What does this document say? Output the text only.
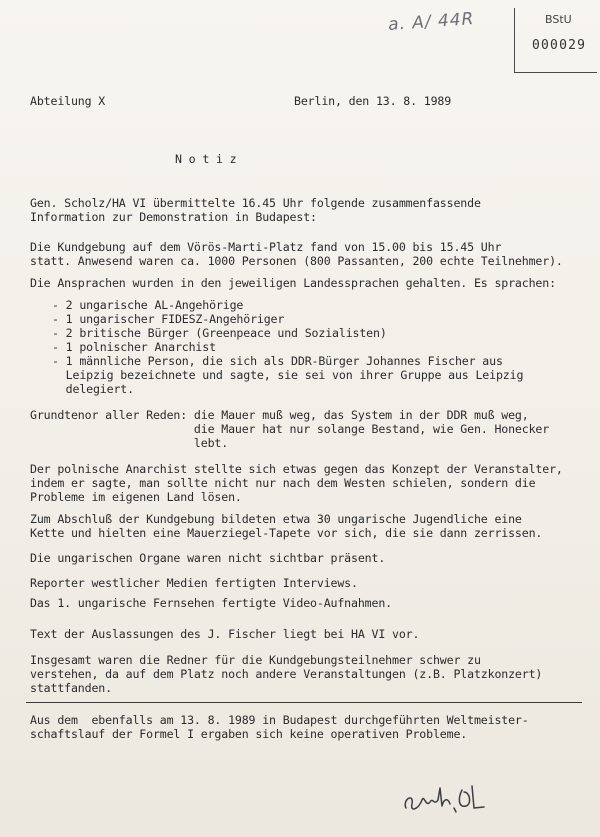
a. A/ 44R	BStU
000029
Abteilung X	Berlin, den 13. 8. 1989
N o t i z
Gen. Scholz/HA VI übermittelte 16.45 Uhr folgende zusammenfassende
Information zur Demonstration in Budapest:
Die Kundgebung auf dem Vörös-Marti-Platz fand von 15.00 bis 15.45 Uhr
statt. Anwesend waren ca. 1000 Personen (800 Passanten, 200 echte Teilnehmer).
Die Ansprachen wurden in den jeweiligen Landessprachen gehalten. Es sprachen:
- 2 ungarische AL-Angehörige
- 1 ungarischer FIDESZ-Angehöriger
- 2 britische Bürger (Greenpeace und Sozialisten)
- 1 polnischer Anarchist
- 1 männliche Person, die sich als DDR-Bürger Johannes Fischer aus
Leipzig bezeichnete und sagte, sie sei von ihrer Gruppe aus Leipzig
delegiert.
Grundtenor aller Reden: die Mauer muß weg, das System in der DDR muß weg,
die Mauer hat nur solange Bestand, wie Gen. Honecker
lebt.
Der polnische Anarchist stellte sich etwas gegen das Konzept der Veranstalter,
indem er sagte, man sollte nicht nur nach dem Westen schielen, sondern die
Probleme im eigenen Land lösen.
Zum Abschluß der Kundgebung bildeten etwa 30 ungarische Jugendliche eine
Kette und hielten eine Mauerziegel-Tapete vor sich, die sie dann zerrissen.
Die ungarischen Organe waren nicht sichtbar präsent.
Reporter westlicher Medien fertigten Interviews.
Das 1. ungarische Fernsehen fertigte Video-Aufnahmen.
Text der Auslassungen des J. Fischer liegt bei HA VI vor.
Insgesamt waren die Redner für die Kundgebungsteilnehmer schwer zu
verstehen, da auf dem Platz noch andere Veranstaltungen (z.B. Platzkonzert)
stattfanden.
Aus dem  ebenfalls am 13. 8. 1989 in Budapest durchgeführten Weltmeister-
schaftslauf der Formel I ergaben sich keine operativen Probleme.
